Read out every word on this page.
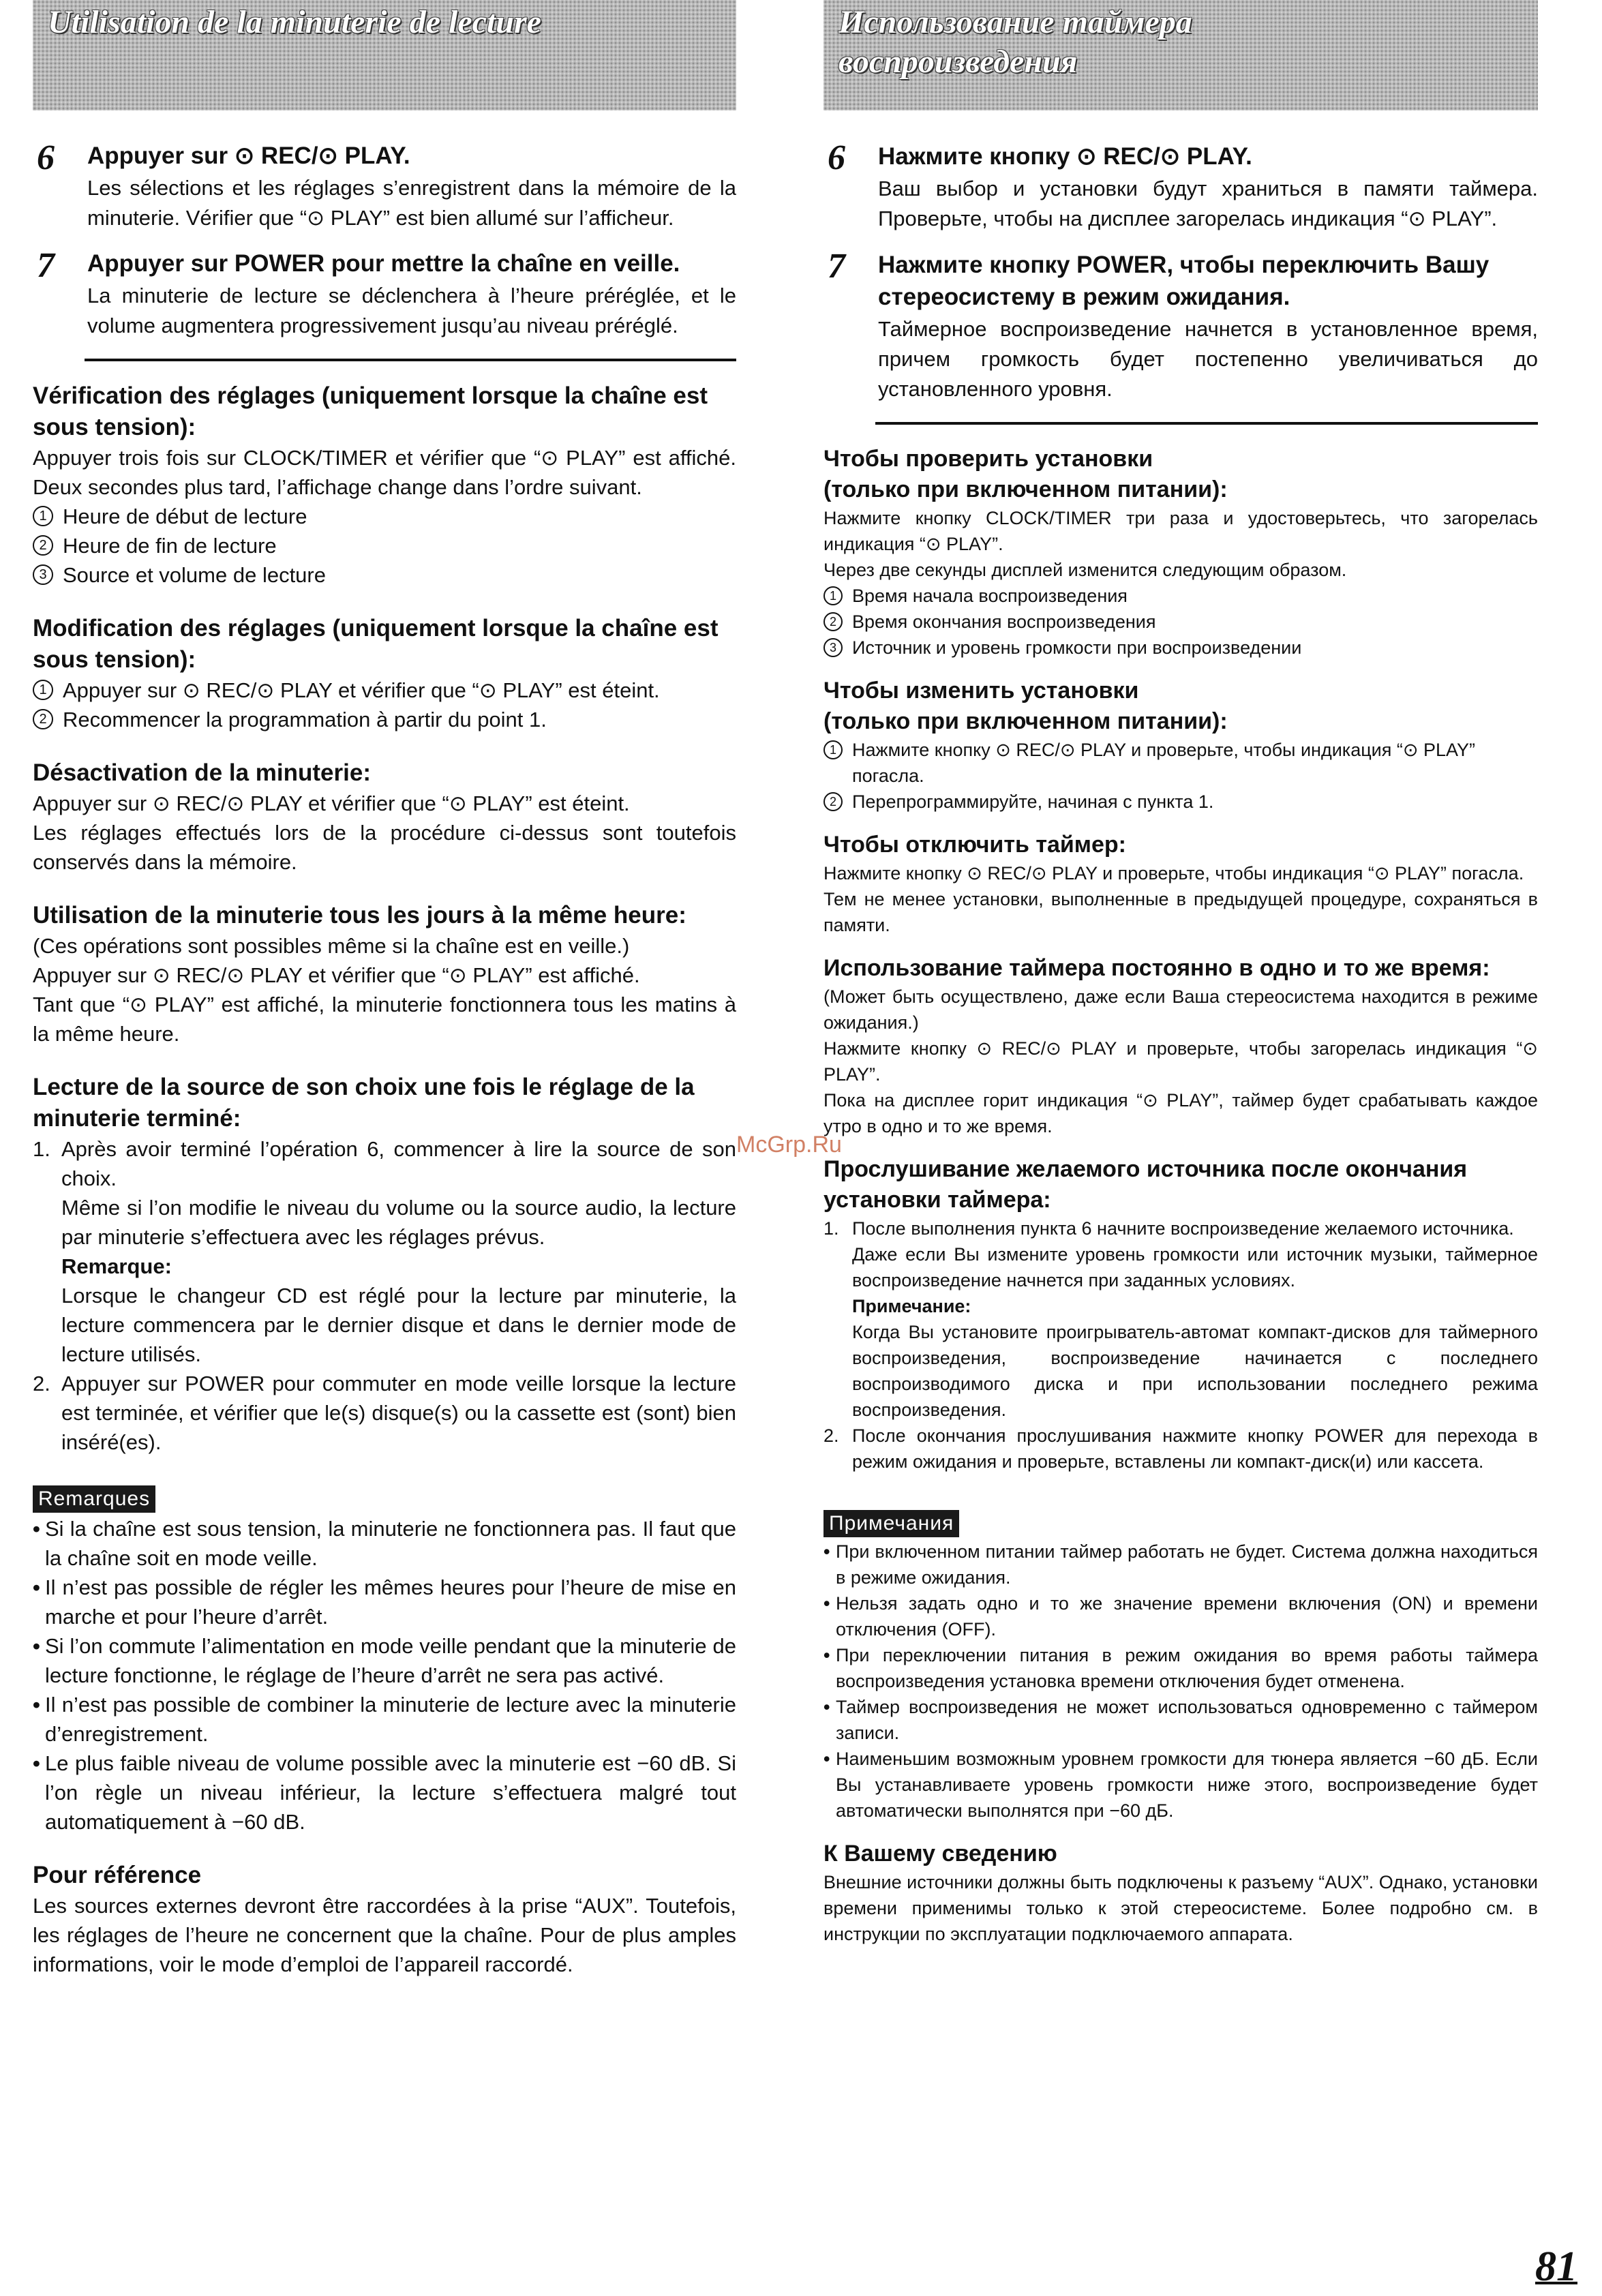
Utilisation de la minuterie de lecture
6	Appuyer sur ⊙ REC/⊙ PLAY.
Les sélections et les réglages s’enregistrent dans la mémoire de la minuterie. Vérifier que “⊙ PLAY” est bien allumé sur l’afficheur.
7	Appuyer sur POWER pour mettre la chaîne en veille.
La minuterie de lecture se déclenchera à l’heure préréglée, et le volume augmentera progressivement jusqu’au niveau préréglé.
Vérification des réglages (uniquement lorsque la chaîne est sous tension):

Appuyer trois fois sur CLOCK/TIMER et vérifier que “⊙ PLAY” est affiché. Deux secondes plus tard, l’affichage change dans l’ordre suivant.

1 Heure de début de lecture
2 Heure de fin de lecture
3 Source et volume de lecture
Modification des réglages (uniquement lorsque la chaîne est sous tension):
1 Appuyer sur ⊙ REC/⊙ PLAY et vérifier que “⊙ PLAY” est éteint.
2 Recommencer la programmation à partir du point 1.
Désactivation de la minuterie:

Appuyer sur ⊙ REC/⊙ PLAY et vérifier que “⊙ PLAY” est éteint.

Les réglages effectués lors de la procédure ci-dessus sont toutefois conservés dans la mémoire.

Utilisation de la minuterie tous les jours à la même heure:

(Ces opérations sont possibles même si la chaîne est en veille.)

Appuyer sur ⊙ REC/⊙ PLAY et vérifier que “⊙ PLAY” est affiché.

Tant que “⊙ PLAY” est affiché, la minuterie fonctionnera tous les matins à la même heure.

Lecture de la source de son choix une fois le réglage de la minuterie terminé:
1. Après avoir terminé l’opération 6, commencer à lire la source de son choix.
Même si l’on modifie le niveau du volume ou la source audio, la lecture par minuterie s’effectuera avec les réglages prévus.
Remarque:
Lorsque le changeur CD est réglé pour la lecture par minuterie, la lecture commencera par le dernier disque et dans le dernier mode de lecture utilisés.
2. Appuyer sur POWER pour commuter en mode veille lorsque la lecture est terminée, et vérifier que le(s) disque(s) ou la cassette est (sont) bien inséré(es).
Remarques
• Si la chaîne est sous tension, la minuterie ne fonctionnera pas. Il faut que la chaîne soit en mode veille.
• Il n’est pas possible de régler les mêmes heures pour l’heure de mise en marche et pour l’heure d’arrêt.
• Si l’on commute l’alimentation en mode veille pendant que la minuterie de lecture fonctionne, le réglage de l’heure d’arrêt ne sera pas activé.
• Il n’est pas possible de combiner la minuterie de lecture avec la minuterie d’enregistrement.
• Le plus faible niveau de volume possible avec la minuterie est −60 dB. Si l’on règle un niveau inférieur, la lecture s’effectuera malgré tout automatiquement à −60 dB.
Pour référence

Les sources externes devront être raccordées à la prise “AUX”. Toutefois, les réglages de l’heure ne concernent que la chaîne. Pour de plus amples informations, voir le mode d’emploi de l’appareil raccordé.

Использование таймера
воспроизведения
6	Нажмите кнопку ⊙ REC/⊙ PLAY.
Ваш выбор и установки будут храниться в памяти таймера. Проверьте, чтобы на дисплее загорелась индикация “⊙ PLAY”.
7	Нажмите кнопку POWER, чтобы переключить Вашу стереосистему в режим ожидания.
Таймерное воспроизведение начнется в установленное время, причем громкость будет постепенно увеличиваться до установленного уровня.
Чтобы проверить установки
(только при включенном питании):

Нажмите кнопку CLOCK/TIMER три раза и удостоверьтесь, что загорелась индикация “⊙ PLAY”.

Через две секунды дисплей изменится следующим образом.

1 Время начала воспроизведения
2 Время окончания воспроизведения
3 Источник и уровень громкости при воспроизведении
Чтобы изменить установки
(только при включенном питании):
1 Нажмите кнопку ⊙ REC/⊙ PLAY и проверьте, чтобы индикация “⊙ PLAY” погасла.
2 Перепрограммируйте, начиная с пункта 1.
Чтобы отключить таймер:

Нажмите кнопку ⊙ REC/⊙ PLAY и проверьте, чтобы индикация “⊙ PLAY” погасла.

Тем не менее установки, выполненные в предыдущей процедуре, сохраняться в памяти.

Использование таймера постоянно в одно и то же время:

(Может быть осуществлено, даже если Ваша стереосистема находится в режиме ожидания.)

Нажмите кнопку ⊙ REC/⊙ PLAY и проверьте, чтобы загорелась индикация “⊙ PLAY”.

Пока на дисплее горит индикация “⊙ PLAY”, таймер будет срабатывать каждое утро в одно и то же время.

Прослушивание желаемого источника после окончания установки таймера:
1. После выполнения пункта 6 начните воспроизведение желаемого источника.
Даже если Вы измените уровень громкости или источник музыки, таймерное воспроизведение начнется при заданных условиях.
Примечание:
Когда Вы установите проигрыватель-автомат компакт-дисков для таймерного воспроизведения, воспроизведение начинается с последнего воспроизводимого диска и при использовании последнего режима воспроизведения.
2. После окончания прослушивания нажмите кнопку POWER для перехода в режим ожидания и проверьте, вставлены ли компакт-диск(и) или кассета.
Примечания
• При включенном питании таймер работать не будет. Система должна находиться в режиме ожидания.
• Нельзя задать одно и то же значение времени включения (ON) и времени отключения (OFF).
• При переключении питания в режим ожидания во время работы таймера воспроизведения установка времени отключения будет отменена.
• Таймер воспроизведения не может использоваться одновременно с таймером записи.
• Наименьшим возможным уровнем громкости для тюнера является −60 дБ. Если Вы устанавливаете уровень громкости ниже этого, воспроизведение будет автоматически выполнятся при −60 дБ.
К Вашему сведению

Внешние источники должны быть подключены к разъему “AUX”. Однако, установки времени применимы только к этой стереосистеме. Более подробно см. в инструкции по эксплуатации подключаемого аппарата.

McGrp.Ru
81
